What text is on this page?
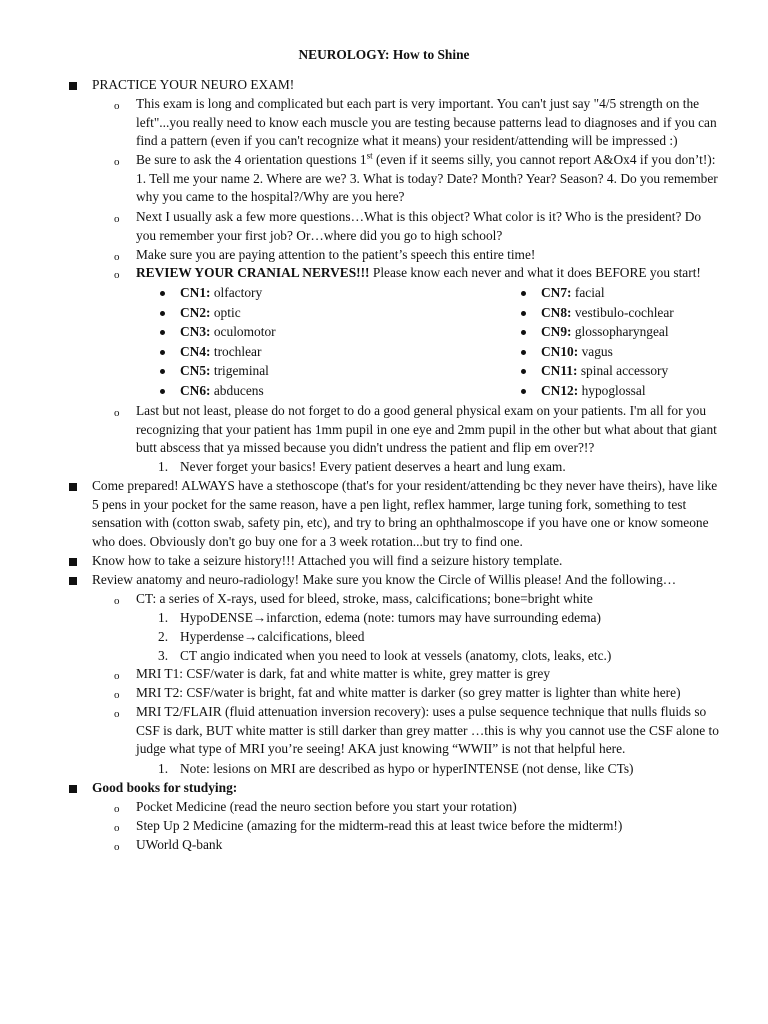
NEUROLOGY: How to Shine
PRACTICE YOUR NEURO EXAM!
o This exam is long and complicated but each part is very important. You can't just say "4/5 strength on the left"...you really need to know each muscle you are testing because patterns lead to diagnoses and if you can find a pattern (even if you can't recognize what it means) your resident/attending will be impressed :)
o Be sure to ask the 4 orientation questions 1st (even if it seems silly, you cannot report A&Ox4 if you don’t!): 1. Tell me your name 2. Where are we? 3. What is today? Date? Month? Year? Season? 4. Do you remember why you came to the hospital?/Why are you here?
o Next I usually ask a few more questions…What is this object? What color is it? Who is the president? Do you remember your first job? Or…where did you go to high school?
o Make sure you are paying attention to the patient’s speech this entire time!
o REVIEW YOUR CRANIAL NERVES!!! Please know each never and what it does BEFORE you start!
CN1: olfactory
CN2: optic
CN3: oculomotor
CN4: trochlear
CN5: trigeminal
CN6: abducens
CN7: facial
CN8: vestibulo-cochlear
CN9: glossopharyngeal
CN10: vagus
CN11: spinal accessory
CN12: hypoglossal
o Last but not least, please do not forget to do a good general physical exam on your patients. I'm all for you recognizing that your patient has 1mm pupil in one eye and 2mm pupil in the other but what about that giant butt abscess that ya missed because you didn't undress the patient and flip em over?!?
1. Never forget your basics! Every patient deserves a heart and lung exam.
Come prepared! ALWAYS have a stethoscope (that's for your resident/attending bc they never have theirs), have like 5 pens in your pocket for the same reason, have a pen light, reflex hammer, large tuning fork, something to test sensation with (cotton swab, safety pin, etc), and try to bring an ophthalmoscope if you have one or know someone who does. Obviously don't go buy one for a 3 week rotation...but try to find one.
Know how to take a seizure history!!! Attached you will find a seizure history template.
Review anatomy and neuro-radiology! Make sure you know the Circle of Willis please! And the following…
o CT: a series of X-rays, used for bleed, stroke, mass, calcifications; bone=bright white
1. HypoDENSE→infarction, edema (note: tumors may have surrounding edema)
2. Hyperdense→calcifications, bleed
3. CT angio indicated when you need to look at vessels (anatomy, clots, leaks, etc.)
o MRI T1: CSF/water is dark, fat and white matter is white, grey matter is grey
o MRI T2: CSF/water is bright, fat and white matter is darker (so grey matter is lighter than white here)
o MRI T2/FLAIR (fluid attenuation inversion recovery): uses a pulse sequence technique that nulls fluids so CSF is dark, BUT white matter is still darker than grey matter …this is why you cannot use the CSF alone to judge what type of MRI you’re seeing! AKA just knowing “WWII” is not that helpful here.
1. Note: lesions on MRI are described as hypo or hyperINTENSE (not dense, like CTs)
Good books for studying:
o Pocket Medicine (read the neuro section before you start your rotation)
o Step Up 2 Medicine (amazing for the midterm-read this at least twice before the midterm!)
o UWorld Q-bank
